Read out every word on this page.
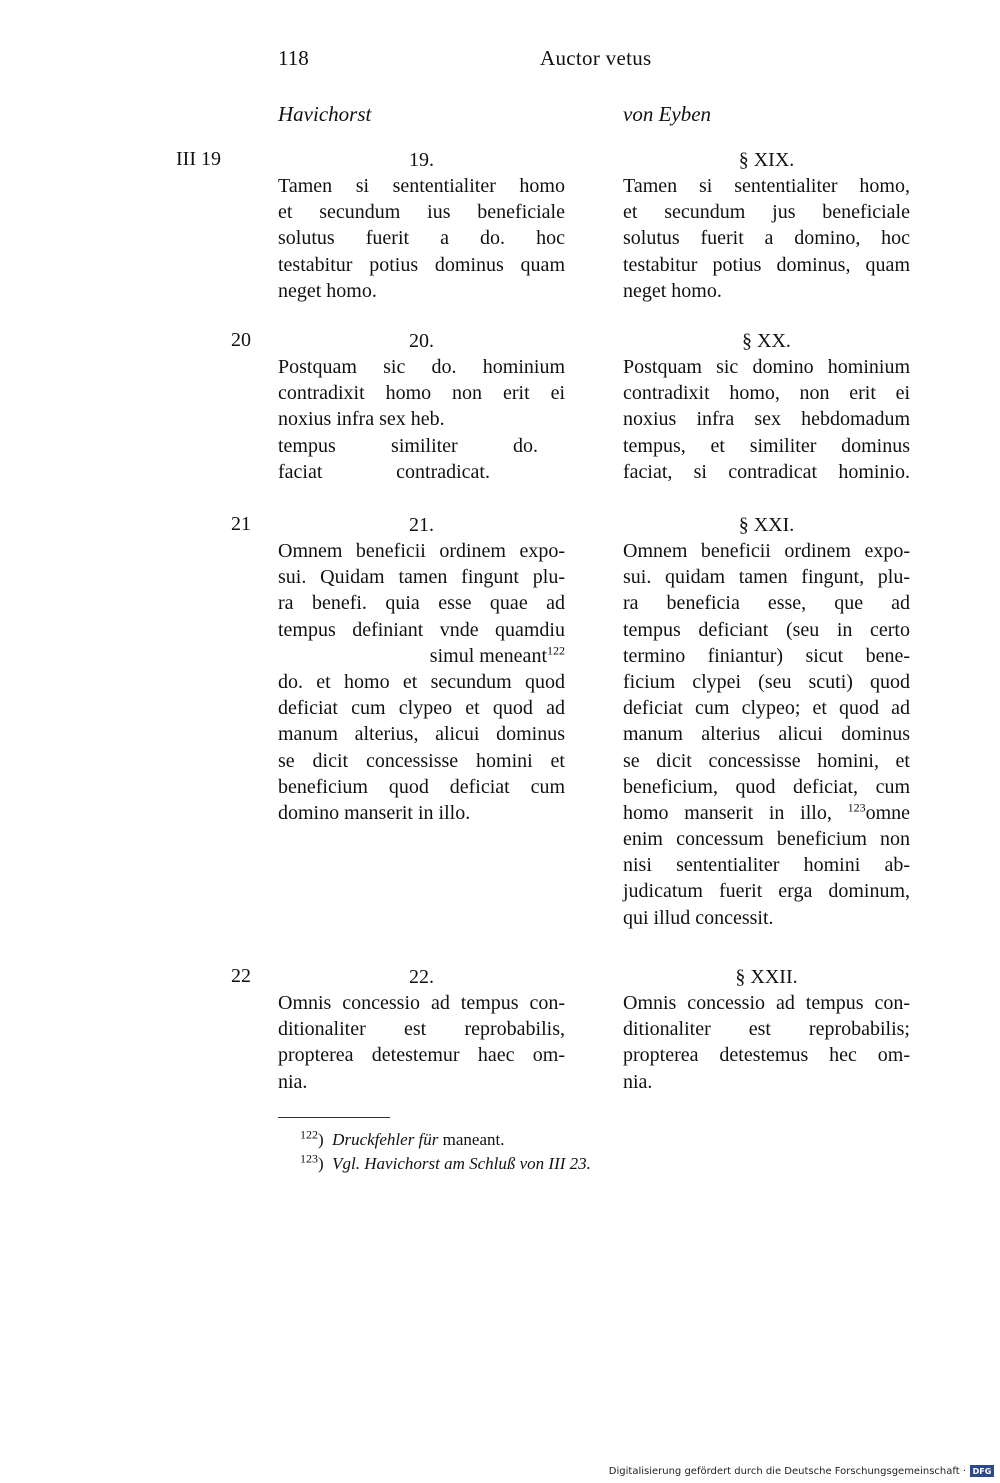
118	Auctor vetus
Havichorst	von Eyben
III 19
20
21
22
19.
Tamen si sententialiter homo
et secundum ius beneficiale
solutus fuerit a do. hoc
testabitur potius dominus quam
neget homo.
§ XIX.
Tamen si sententialiter homo,
et secundum jus beneficiale
solutus fuerit a domino, hoc
testabitur potius dominus, quam
neget homo.
20.
Postquam sic do. hominium
contradixit homo non erit ei
noxius infra sex heb.
tempus similiter do.
faciat contradicat.
§ XX.
Postquam sic domino hominium
contradixit homo, non erit ei
noxius infra sex hebdomadum
tempus, et similiter dominus
faciat, si contradicat hominio.
21.
Omnem beneficii ordinem expo-
sui. Quidam tamen fingunt plu-
ra benefi. quia esse quae ad
tempus definiant vnde quamdiu
simul meneant$^{122}$
do. et homo et secundum quod
deficiat cum clypeo et quod ad
manum alterius, alicui dominus
se dicit concessisse homini et
beneficium quod deficiat cum
domino manserit in illo.
§ XXI.
Omnem beneficii ordinem expo-
sui. quidam tamen fingunt, plu-
ra beneficia esse, que ad
tempus deficiant (seu in certo
termino finiantur) sicut bene-
ficium clypei (seu scuti) quod
deficiat cum clypeo; et quod ad
manum alterius alicui dominus
se dicit concessisse homini, et
beneficium, quod deficiat, cum
homo manserit in illo, $^{123}$omne
enim concessum beneficium non
nisi sententialiter homini ab-
judicatum fuerit erga dominum,
qui illud concessit.
22.
Omnis concessio ad tempus con-
ditionaliter est reprobabilis,
propterea detestemur haec om-
nia.
§ XXII.
Omnis concessio ad tempus con-
ditionaliter est reprobabilis;
propterea detestemus hec om-
nia.
$^{122}$)  Druckfehler für maneant.
$^{123}$)  Vgl. Havichorst am Schluß von III 23.
Digitalisierung gefördert durch die Deutsche Forschungsgemeinschaft · DFG
